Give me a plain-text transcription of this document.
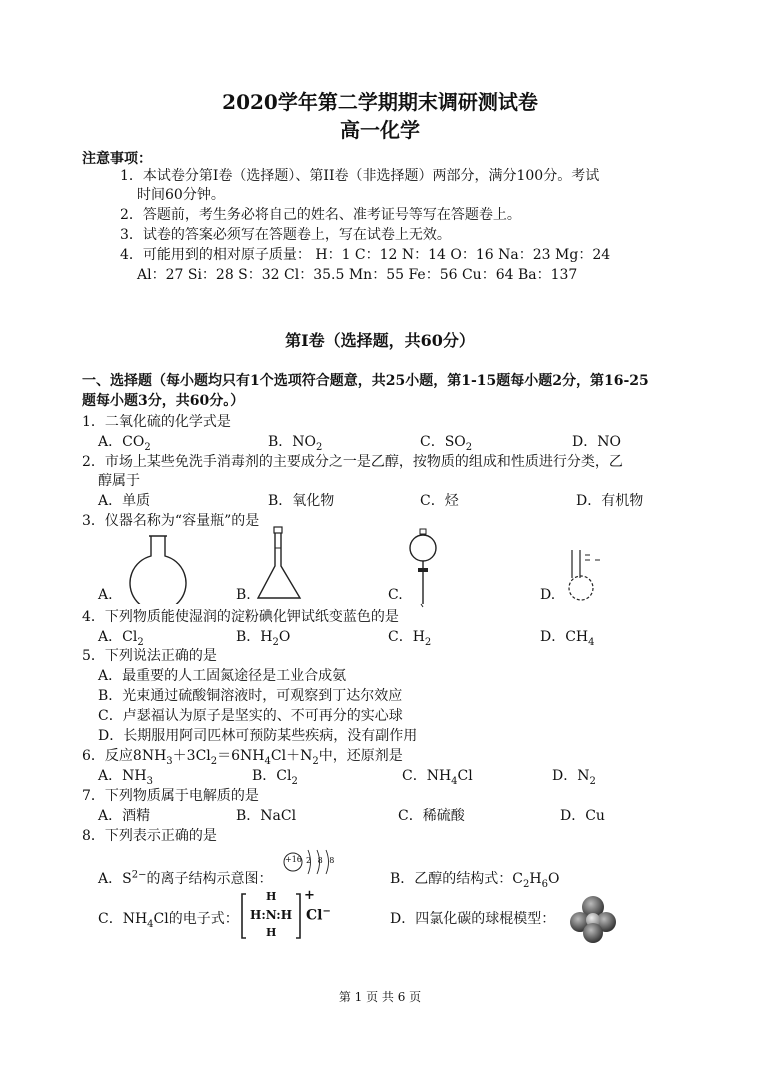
2020学年第二学期期末调研测试卷
高一化学
注意事项：
1．本试卷分第I卷（选择题）、第II卷（非选择题）两部分，满分100分。考试
时间60分钟。
2．答题前，考生务必将自己的姓名、准考证号等写在答题卷上。
3．试卷的答案必须写在答题卷上，写在试卷上无效。
4．可能用到的相对原子质量： H：1 C：12 N：14 O：16 Na：23 Mg：24
Al：27 Si：28 S：32 Cl：35.5 Mn：55 Fe：56 Cu：64 Ba：137
第I卷（选择题，共60分）
一、选择题（每小题均只有1个选项符合题意，共25小题，第1-15题每小题2分，第16-25
题每小题3分，共60分。）
1．二氧化硫的化学式是
A．$CO_2$	B．$NO_2$	C．$SO_2$	D．NO
2．市场上某些免洗手消毒剂的主要成分之一是乙醇，按物质的组成和性质进行分类，乙
醇属于
A．单质	B．氧化物	C．烃	D．有机物
3．仪器名称为“容量瓶”的是
A.	B.	C.	D.
4．下列物质能使湿润的淀粉碘化钾试纸变蓝色的是
A．$Cl_2$	B．$H_2O$	C．$H_2$	D．$CH_4$
5．下列说法正确的是
A．最重要的人工固氮途径是工业合成氨
B．光束通过硫酸铜溶液时，可观察到丁达尔效应
C．卢瑟福认为原子是坚实的、不可再分的实心球
D．长期服用阿司匹林可预防某些疾病，没有副作用
6．反应$8NH_3+3Cl_2=6NH_4Cl+N_2$中，还原剂是
A．$NH_3$	B．$Cl_2$	C．$NH_4Cl$	D．$N_2$
7．下列物质属于电解质的是
A．酒精	B．NaCl	C．稀硫酸	D．Cu
8．下列表示正确的是
A．$S^{2-}$的离子结构示意图：
+16 2 8 8
B．乙醇的结构式：$C_2H_6O$
C．$NH_4Cl$的电子式：
H
H:N:H
H
+
Cl−	D．四氯化碳的球棍模型：
第 1 页 共 6 页
